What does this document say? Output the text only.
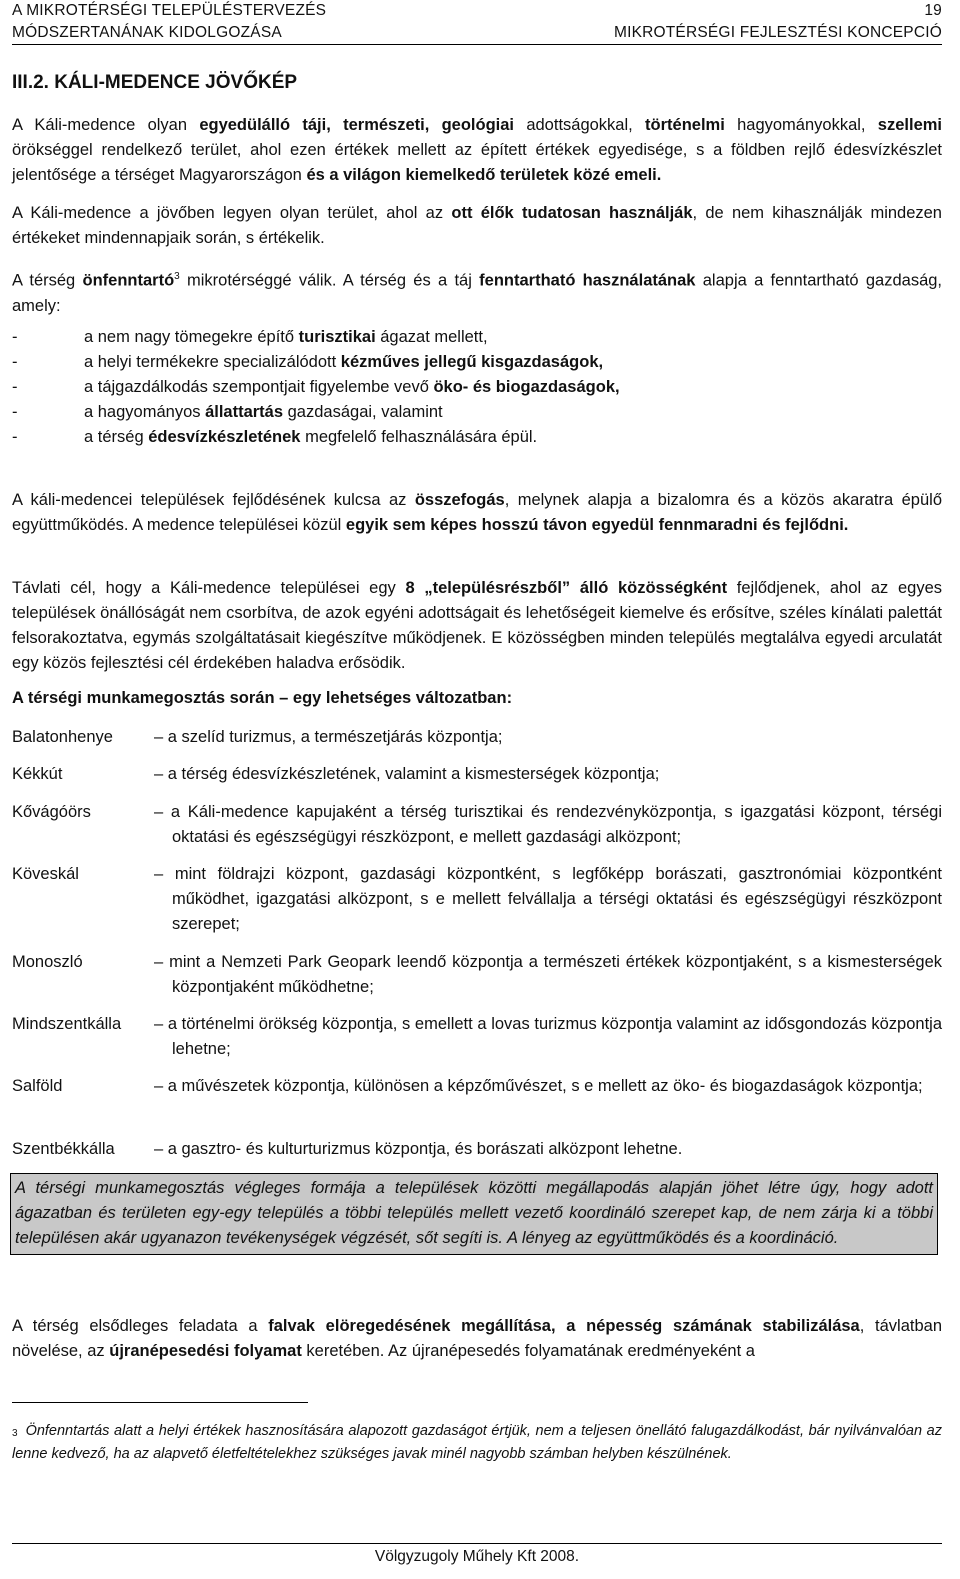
A MIKROTÉRSÉGI TELEPÜLÉSTERVEZÉS	19
MÓDSZERTANÁNAK KIDOLGOZÁSA	MIKROTÉRSÉGI FEJLESZTÉSI KONCEPCIÓ
III.2. KÁLI-MEDENCE JÖVŐKÉP

A Káli-medence olyan egyedülálló táji, természeti, geológiai adottságokkal, történelmi hagyományokkal, szellemi örökséggel rendelkező terület, ahol ezen értékek mellett az épített értékek egyedisége, s a földben rejlő édesvízkészlet jelentősége a térséget Magyarországon és a világon kiemelkedő területek közé emeli.

A Káli-medence a jövőben legyen olyan terület, ahol az ott élők tudatosan használják, de nem kihasználják mindezen értékeket mindennapjaik során, s értékelik.

A térség önfenntartó$^3$ mikrotérséggé válik. A térség és a táj fenntartható használatának alapja a fenntartható gazdaság, amely:

- a nem nagy tömegekre építő turisztikai ágazat mellett,
- a helyi termékekre specializálódott kézműves jellegű kisgazdaságok,
- a tájgazdálkodás szempontjait figyelembe vevő öko- és biogazdaságok,
- a hagyományos állattartás gazdaságai, valamint
- a térség édesvízkészletének megfelelő felhasználására épül.

A káli-medencei települések fejlődésének kulcsa az összefogás, melynek alapja a bizalomra és a közös akaratra épülő együttműködés. A medence települései közül egyik sem képes hosszú távon egyedül fennmaradni és fejlődni.

Távlati cél, hogy a Káli-medence települései egy 8 „településrészből” álló közösségként fejlődjenek, ahol az egyes települések önállóságát nem csorbítva, de azok egyéni adottságait és lehetőségeit kiemelve és erősítve, széles kínálati palettát felsorakoztatva, egymás szolgáltatásait kiegészítve működjenek. E közösségben minden település megtalálva egyedi arculatát egy közös fejlesztési cél érdekében haladva erősödik.

A térségi munkamegosztás során – egy lehetséges változatban:
Balatonhenye	– a szelíd turizmus, a természetjárás központja;
Kékkút	– a térség édesvízkészletének, valamint a kismesterségek központja;
Kővágóörs	– a Káli-medence kapujaként a térség turisztikai és rendezvényközpontja, s igazgatási központ, térségi oktatási és egészségügyi részközpont, e mellett gazdasági alközpont;
Köveskál	– mint földrajzi központ, gazdasági központként, s legfőképp borászati, gasztronómiai központként működhet, igazgatási alközpont, s e mellett felvállalja a térségi oktatási és egészségügyi részközpont szerepet;
Monoszló	– mint a Nemzeti Park Geopark leendő központja a természeti értékek központjaként, s a kismesterségek központjaként működhetne;
Mindszentkálla	– a történelmi örökség központja, s emellett a lovas turizmus központja valamint az idősgondozás központja lehetne;
Salföld	– a művészetek központja, különösen a képzőművészet, s e mellett az öko- és biogazdaságok központja;
Szentbékkálla	– a gasztro- és kulturturizmus központja, és borászati alközpont lehetne.

A térségi munkamegosztás végleges formája a települések közötti megállapodás alapján jöhet létre úgy, hogy adott ágazatban és területen egy-egy település a többi település mellett vezető koordináló szerepet kap, de nem zárja ki a többi településen akár ugyanazon tevékenységek végzését, sőt segíti is. A lényeg az együttműködés és a koordináció.

A térség elsődleges feladata a falvak elöregedésének megállítása, a népesség számának stabilizálása, távlatban növelése, az újranépesedési folyamat keretében. Az újranépesedés folyamatának eredményeként a

$^3$ Önfenntartás alatt a helyi értékek hasznosítására alapozott gazdaságot értjük, nem a teljesen önellátó falugazdálkodást, bár nyilvánvalóan az lenne kedvező, ha az alapvető életfeltételekhez szükséges javak minél nagyobb számban helyben készülnének.

Völgyzugoly Műhely Kft 2008.
